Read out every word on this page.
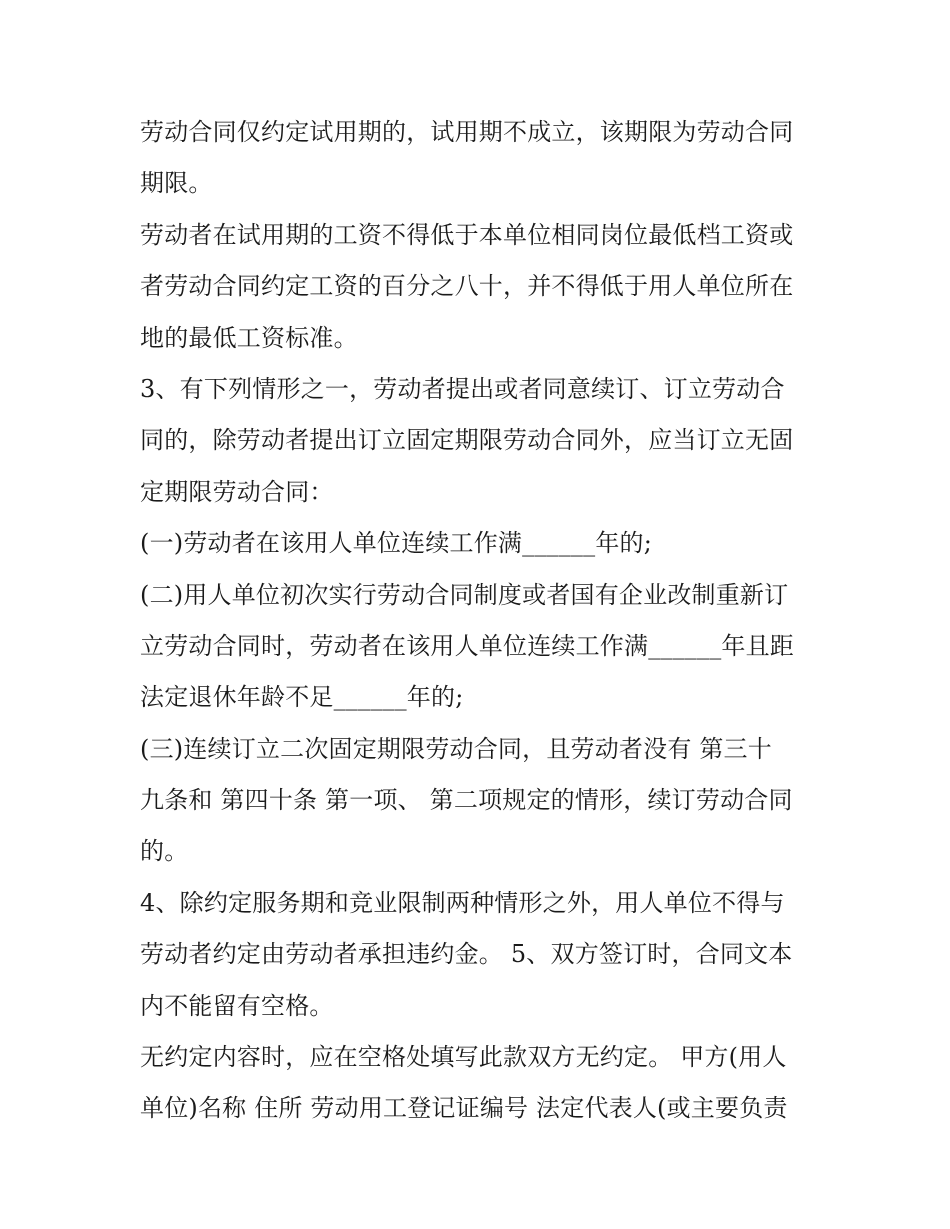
劳动合同仅约定试用期的，试用期不成立，该期限为劳动合同
期限。
劳动者在试用期的工资不得低于本单位相同岗位最低档工资或
者劳动合同约定工资的百分之八十，并不得低于用人单位所在
地的最低工资标准。
3、有下列情形之一，劳动者提出或者同意续订、订立劳动合
同的，除劳动者提出订立固定期限劳动合同外，应当订立无固
定期限劳动合同：
(一)劳动者在该用人单位连续工作满______年的;
(二)用人单位初次实行劳动合同制度或者国有企业改制重新订
立劳动合同时，劳动者在该用人单位连续工作满______年且距
法定退休年龄不足______年的;
(三)连续订立二次固定期限劳动合同，且劳动者没有 第三十
九条和 第四十条 第一项、 第二项规定的情形，续订劳动合同
的。
4、除约定服务期和竞业限制两种情形之外，用人单位不得与
劳动者约定由劳动者承担违约金。 5、双方签订时，合同文本
内不能留有空格。
无约定内容时，应在空格处填写此款双方无约定。 甲方(用人
单位)名称 住所 劳动用工登记证编号 法定代表人(或主要负责
